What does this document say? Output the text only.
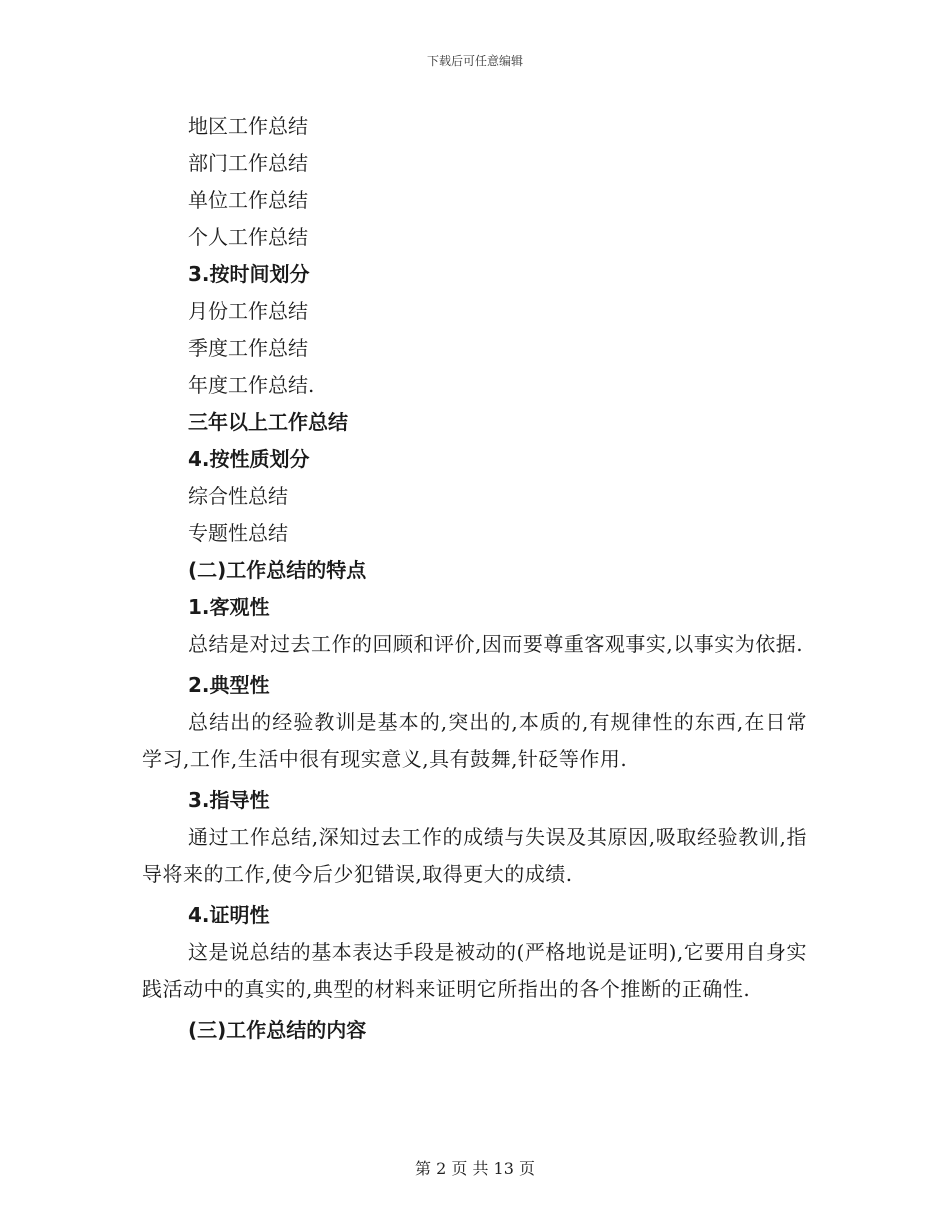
下载后可任意编辑
地区工作总结
部门工作总结
单位工作总结
个人工作总结
3.按时间划分
月份工作总结
季度工作总结
年度工作总结.
三年以上工作总结
4.按性质划分
综合性总结
专题性总结
(二)工作总结的特点
1.客观性
总结是对过去工作的回顾和评价,因而要尊重客观事实,以事实为依据.
2.典型性
总结出的经验教训是基本的,突出的,本质的,有规律性的东西,在日常学习,工作,生活中很有现实意义,具有鼓舞,针砭等作用.
3.指导性
通过工作总结,深知过去工作的成绩与失误及其原因,吸取经验教训,指导将来的工作,使今后少犯错误,取得更大的成绩.
4.证明性
这是说总结的基本表达手段是被动的(严格地说是证明),它要用自身实践活动中的真实的,典型的材料来证明它所指出的各个推断的正确性.
(三)工作总结的内容
第 2 页 共 13 页
